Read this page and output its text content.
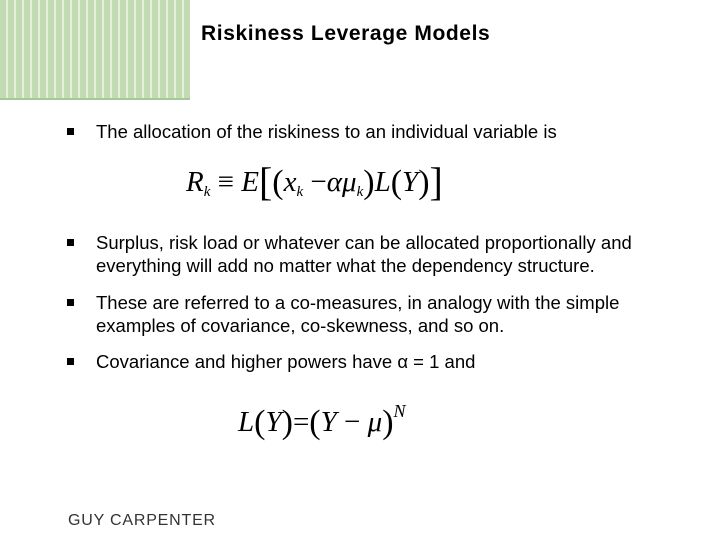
Riskiness Leverage Models
The allocation of the riskiness to an individual variable is
$R_k \equiv E[(x_k -\alpha\mu_k)L(Y)]$
Surplus, risk load or whatever can be allocated proportionally and everything will add no matter what the dependency structure.
These are referred to a co-measures, in analogy with the simple examples of covariance, co-skewness, and so on.
Covariance and higher powers have α = 1 and
$L(Y)=(Y - \mu)^N$
GUY CARPENTER
